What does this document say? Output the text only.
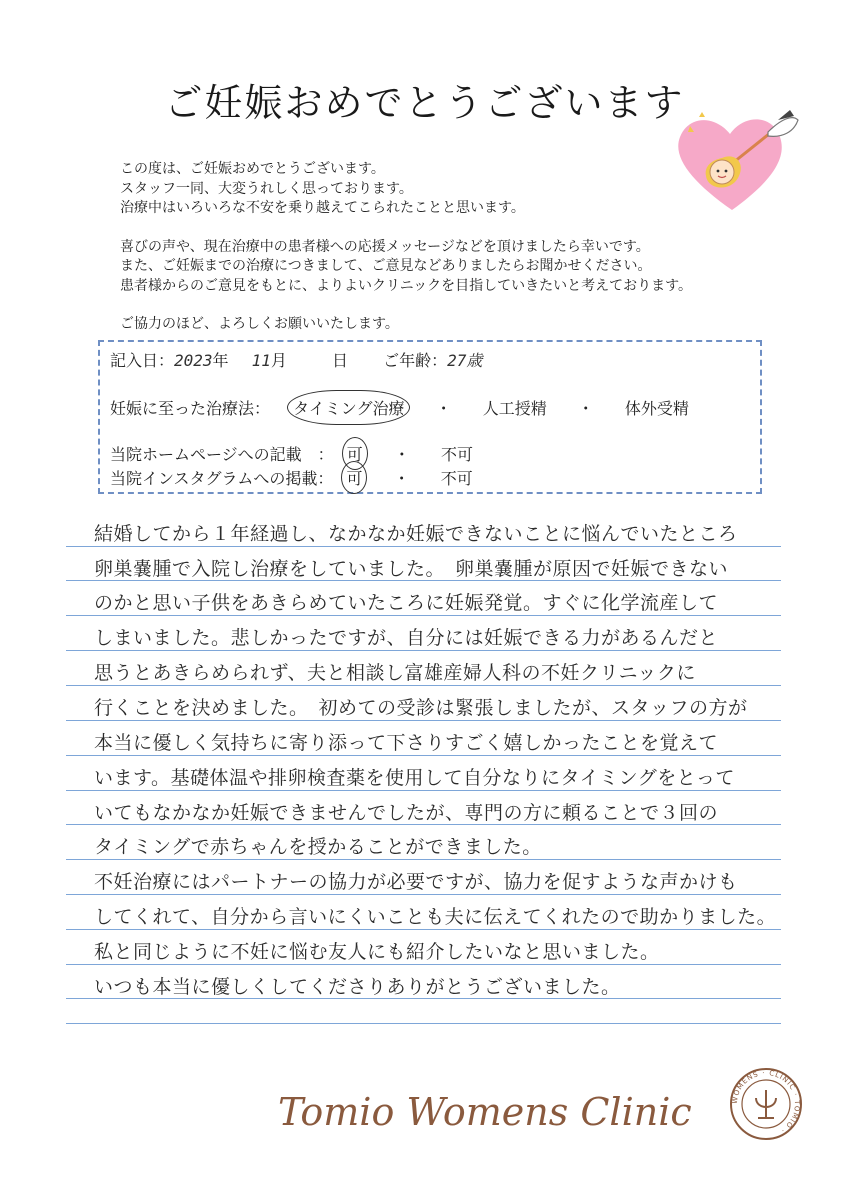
ご妊娠おめでとうございます

この度は、ご妊娠おめでとうございます。

スタッフ一同、大変うれしく思っております。

治療中はいろいろな不安を乗り越えてこられたことと思います。

喜びの声や、現在治療中の患者様への応援メッセージなどを頂けましたら幸いです。

また、ご妊娠までの治療につきまして、ご意見などありましたらお聞かせください。

患者様からのご意見をもとに、よりよいクリニックを目指していきたいと考えております。

ご協力のほど、よろしくお願いいたします。

記入日：2023年 11月	日 ご年齢：27歳
妊娠に至った治療法： タイミング治療 ・ 人工授精 ・ 体外受精
当院ホームページへの記載　： 可 ・ 不可
当院インスタグラムへの掲載： 可 ・ 不可
結婚してから１年経過し、なかなか妊娠できないことに悩んでいたところ
卵巣嚢腫で入院し治療をしていました。　卵巣嚢腫が原因で妊娠できない
のかと思い子供をあきらめていたころに妊娠発覚。すぐに化学流産して
しまいました。悲しかったですが、自分には妊娠できる力があるんだと
思うとあきらめられず、夫と相談し富雄産婦人科の不妊クリニックに
行くことを決めました。　初めての受診は緊張しましたが、スタッフの方が
本当に優しく気持ちに寄り添って下さりすごく嬉しかったことを覚えて
います。基礎体温や排卵検査薬を使用して自分なりにタイミングをとって
いてもなかなか妊娠できませんでしたが、専門の方に頼ることで３回の
タイミングで赤ちゃんを授かることができました。
不妊治療にはパートナーの協力が必要ですが、協力を促すような声かけも
してくれて、自分から言いにくいことも夫に伝えてくれたので助かりました。
私と同じように不妊に悩む友人にも紹介したいなと思いました。
いつも本当に優しくしてくださりありがとうございました。
Tomio Womens Clinic	WOMENS · CLINIC · TOMIO ·
